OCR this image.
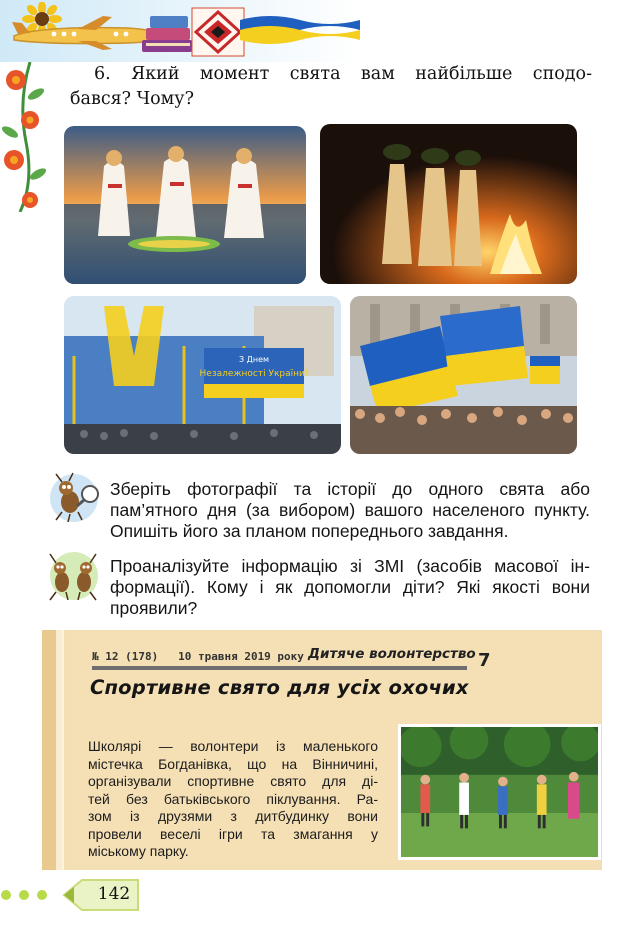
6. Який момент свята вам найбільше сподо-
бався? Чому?
З Днем
Незалежності України!
Зберіть фотографії та історії до одного свята або
пам’ятного дня (за вибором) вашого населеного пункту.
Опишіть його за планом попереднього завдання.
Проаналізуйте інформацію зі ЗМІ (засобів масової ін-
формації). Кому і як допомогли діти? Які якості вони
проявили?
№ 12 (178)   10 травня 2019 року Дитяче волонтерство 7
Спортивне свято для усіх охочих
Школярі — волонтери із маленького
містечка Богданівка, що на Вінничині,
організували спортивне свято для ді-
тей без батьківського піклування. Ра-
зом із друзями з дитбудинку вони
провели веселі ігри та змагання у
міському парку.
142
